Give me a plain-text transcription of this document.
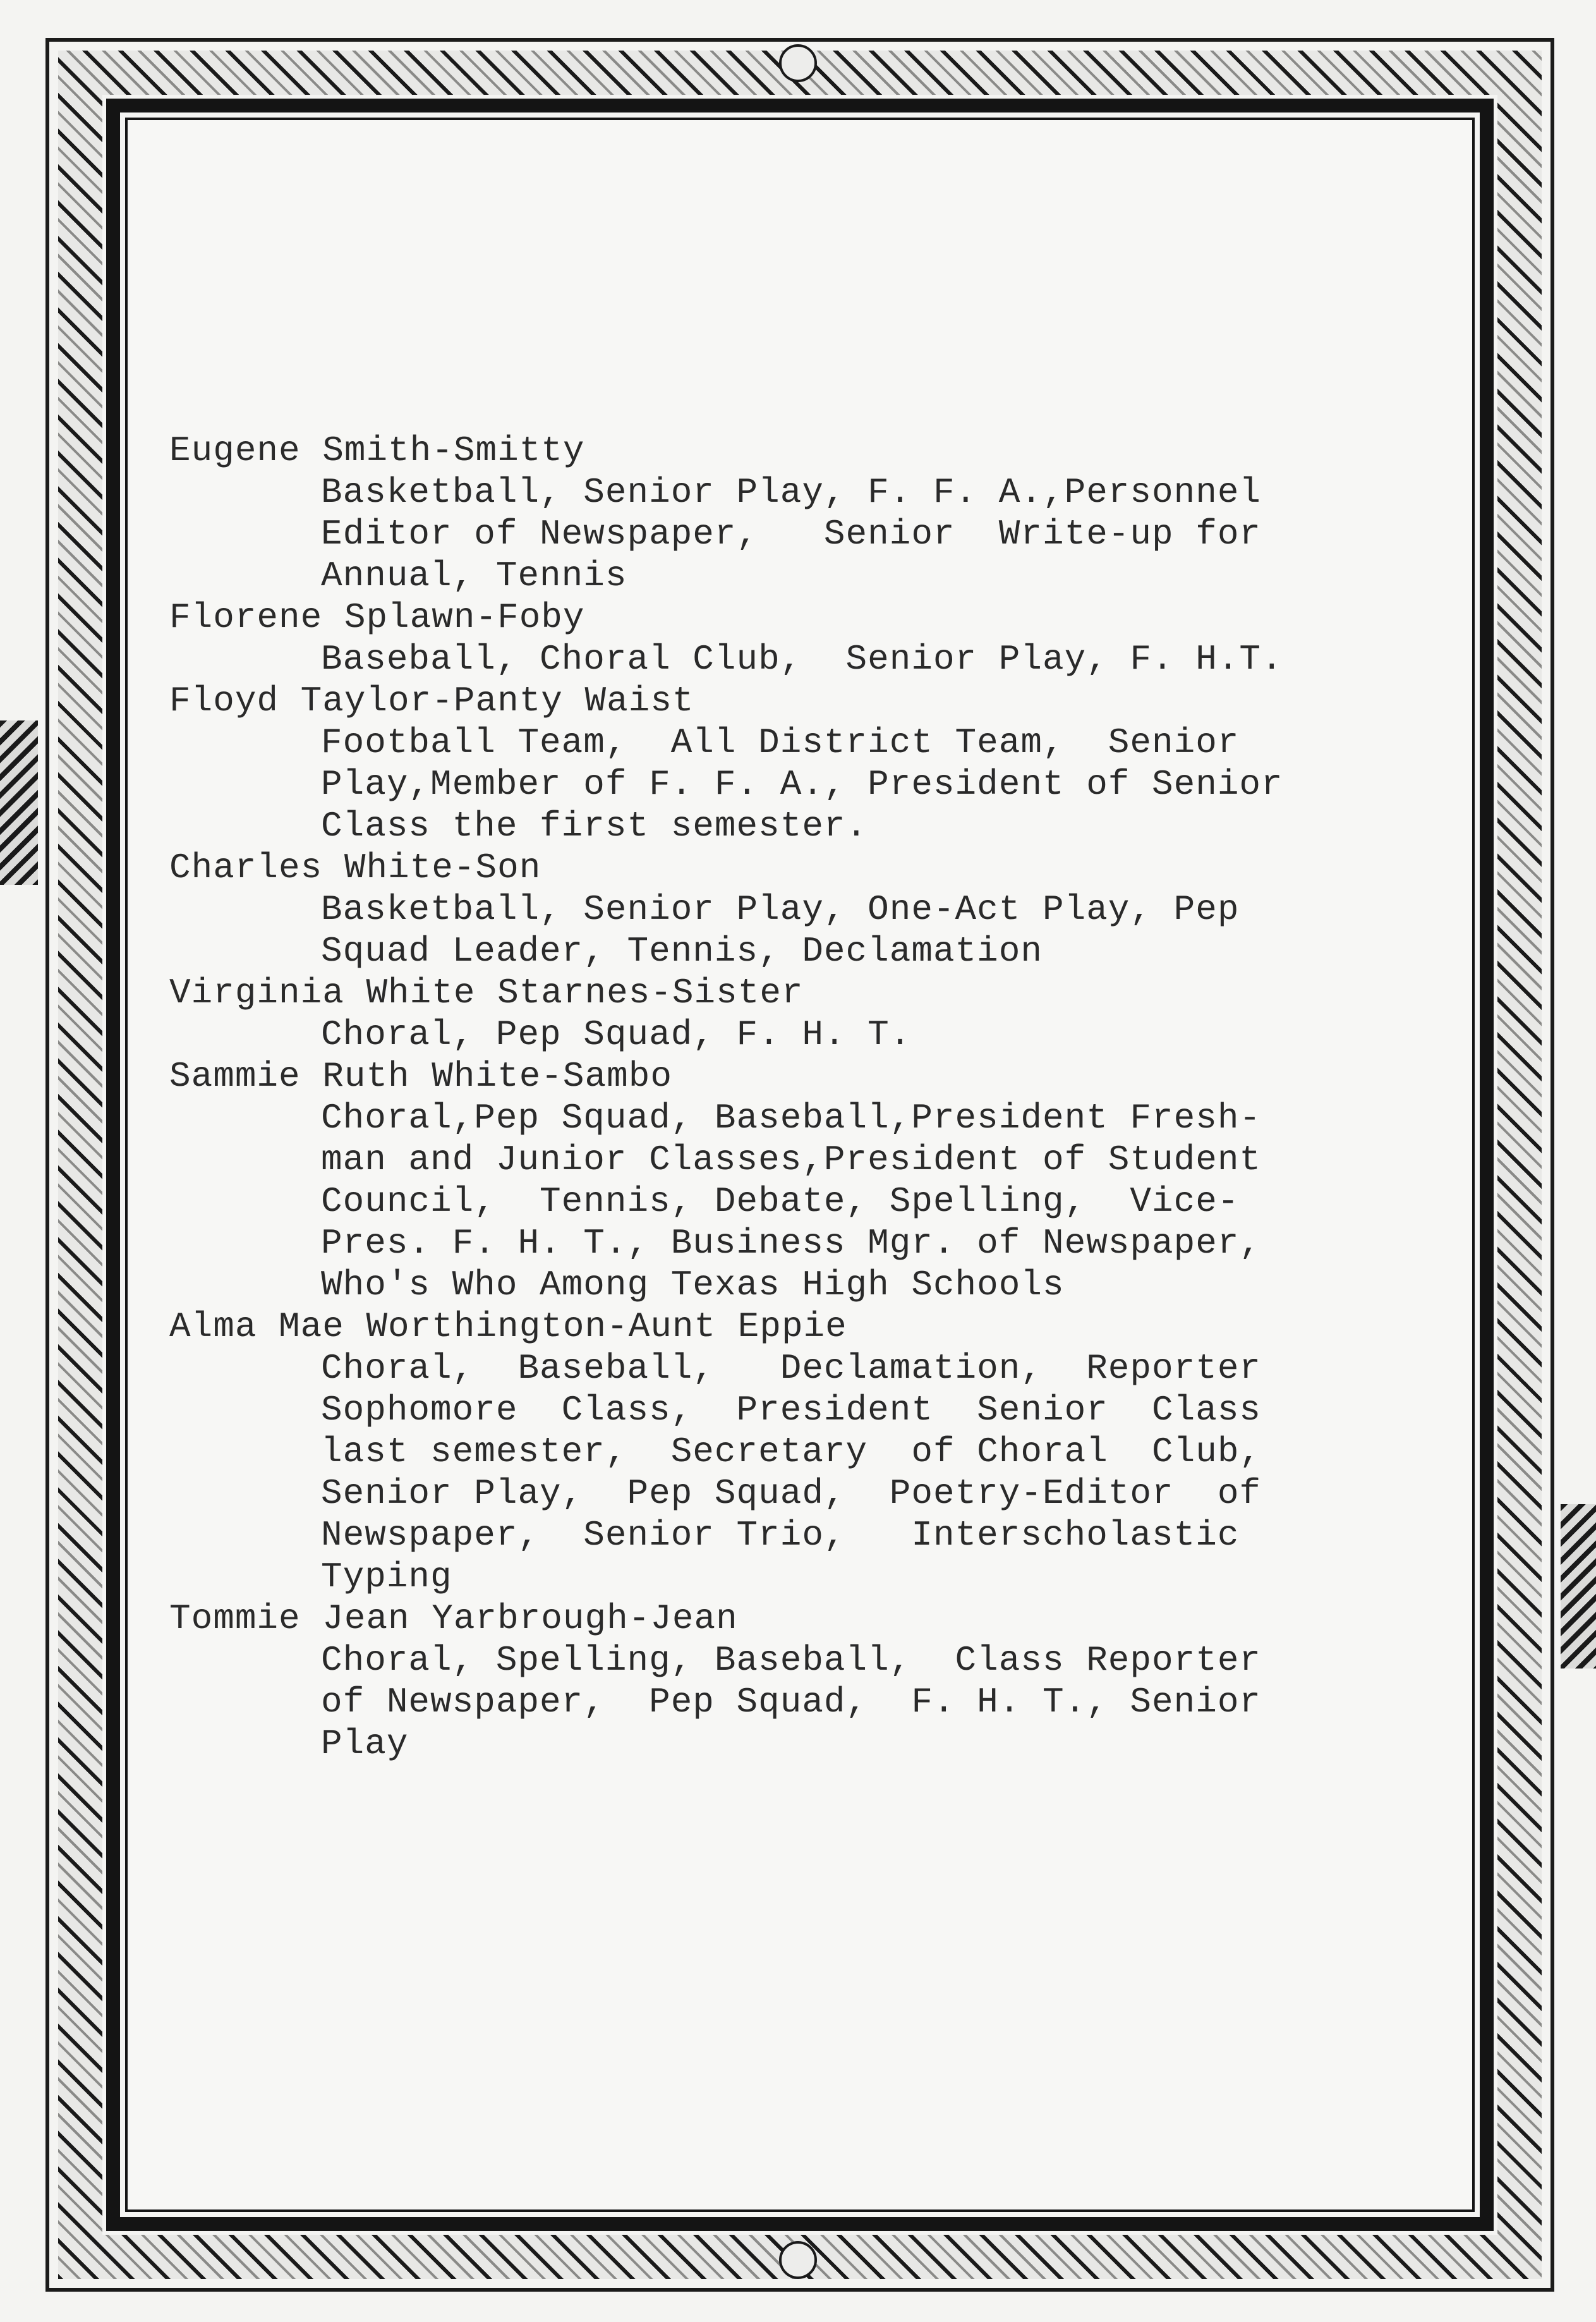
Eugene Smith-Smitty
Basketball, Senior Play, F. F. A.,Personnel
Editor of Newspaper,   Senior  Write-up for
Annual, Tennis
Florene Splawn-Foby
Baseball, Choral Club,  Senior Play, F. H.T.
Floyd Taylor-Panty Waist
Football Team,  All District Team,  Senior
Play,Member of F. F. A., President of Senior
Class the first semester.
Charles White-Son
Basketball, Senior Play, One-Act Play, Pep
Squad Leader, Tennis, Declamation
Virginia White Starnes-Sister
Choral, Pep Squad, F. H. T.
Sammie Ruth White-Sambo
Choral,Pep Squad, Baseball,President Fresh-
man and Junior Classes,President of Student
Council,  Tennis, Debate, Spelling,  Vice-
Pres. F. H. T., Business Mgr. of Newspaper,
Who's Who Among Texas High Schools
Alma Mae Worthington-Aunt Eppie
Choral,  Baseball,   Declamation,  Reporter
Sophomore  Class,  President  Senior  Class
last semester,  Secretary  of Choral  Club,
Senior Play,  Pep Squad,  Poetry-Editor  of
Newspaper,  Senior Trio,   Interscholastic
Typing
Tommie Jean Yarbrough-Jean
Choral, Spelling, Baseball,  Class Reporter
of Newspaper,  Pep Squad,  F. H. T., Senior
Play
